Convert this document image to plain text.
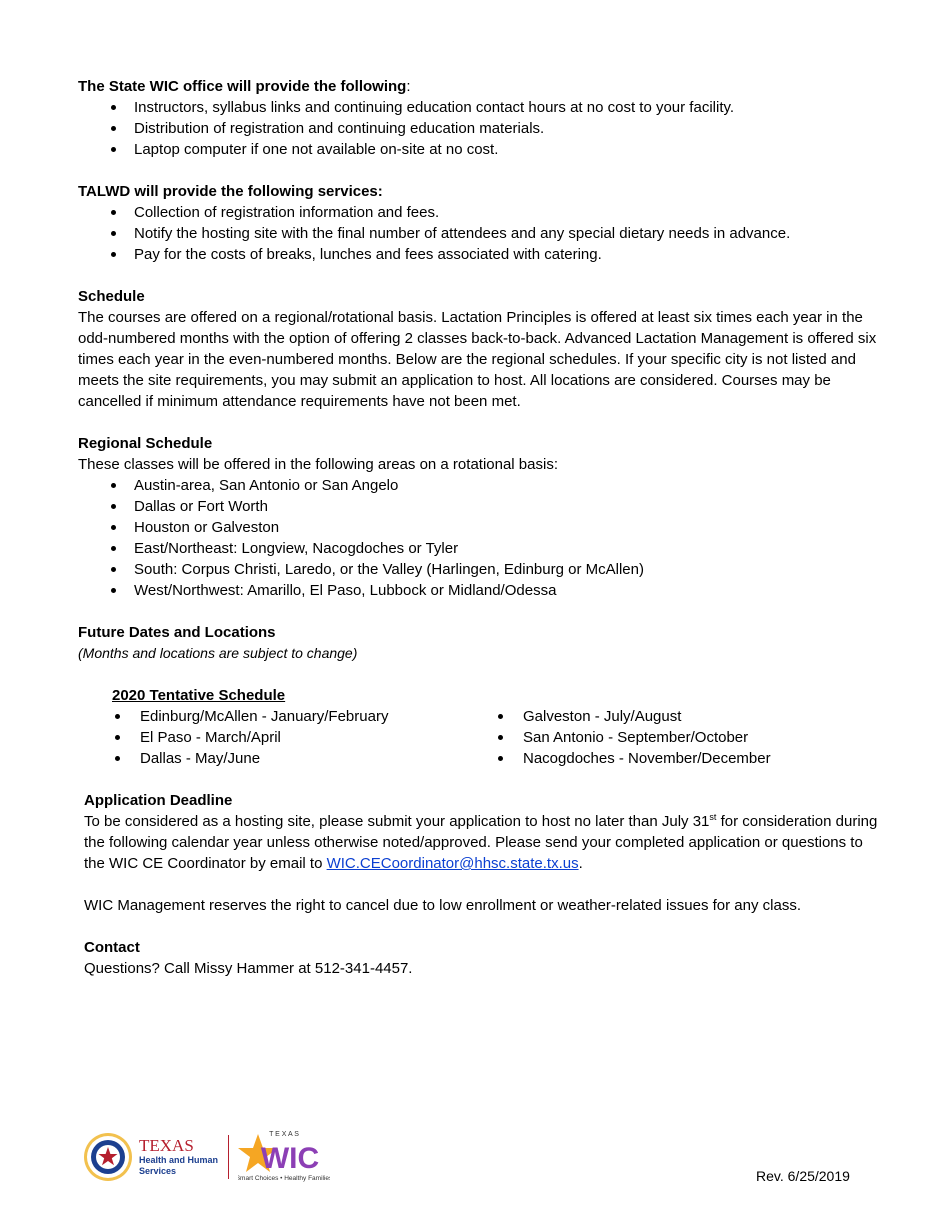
The State WIC office will provide the following:

Instructors, syllabus links and continuing education contact hours at no cost to your facility.
Distribution of registration and continuing education materials.
Laptop computer if one not available on-site at no cost.

TALWD will provide the following services:

Collection of registration information and fees.
Notify the hosting site with the final number of attendees and any special dietary needs in advance.
Pay for the costs of breaks, lunches and fees associated with catering.

Schedule

The courses are offered on a regional/rotational basis. Lactation Principles is offered at least six times each year in the odd-numbered months with the option of offering 2 classes back-to-back. Advanced Lactation Management is offered six times each year in the even-numbered months. Below are the regional schedules. If your specific city is not listed and meets the site requirements, you may submit an application to host. All locations are considered. Courses may be cancelled if minimum attendance requirements have not been met.

Regional Schedule

These classes will be offered in the following areas on a rotational basis:

Austin-area, San Antonio or San Angelo
Dallas or Fort Worth
Houston or Galveston
East/Northeast: Longview, Nacogdoches or Tyler
South: Corpus Christi, Laredo, or the Valley (Harlingen, Edinburg or McAllen)
West/Northwest: Amarillo, El Paso, Lubbock or Midland/Odessa

Future Dates and Locations

(Months and locations are subject to change)

2020 Tentative Schedule
Edinburg/McAllen - January/February
El Paso - March/April
Dallas - May/June
Galveston - July/August
San Antonio - September/October
Nacogdoches - November/December

Application Deadline

To be considered as a hosting site, please submit your application to host no later than July 31st for consideration during the following calendar year unless otherwise noted/approved. Please send your completed application or questions to the WIC CE Coordinator by email to WIC.CECoordinator@hhsc.state.tx.us.

WIC Management reserves the right to cancel due to low enrollment or weather-related issues for any class.

Contact

Questions? Call Missy Hammer at 512-341-4457.

TEXAS
Health and Human
Services
T E X A S
WIC
Smart Choices • Healthy Families	Rev. 6/25/2019
